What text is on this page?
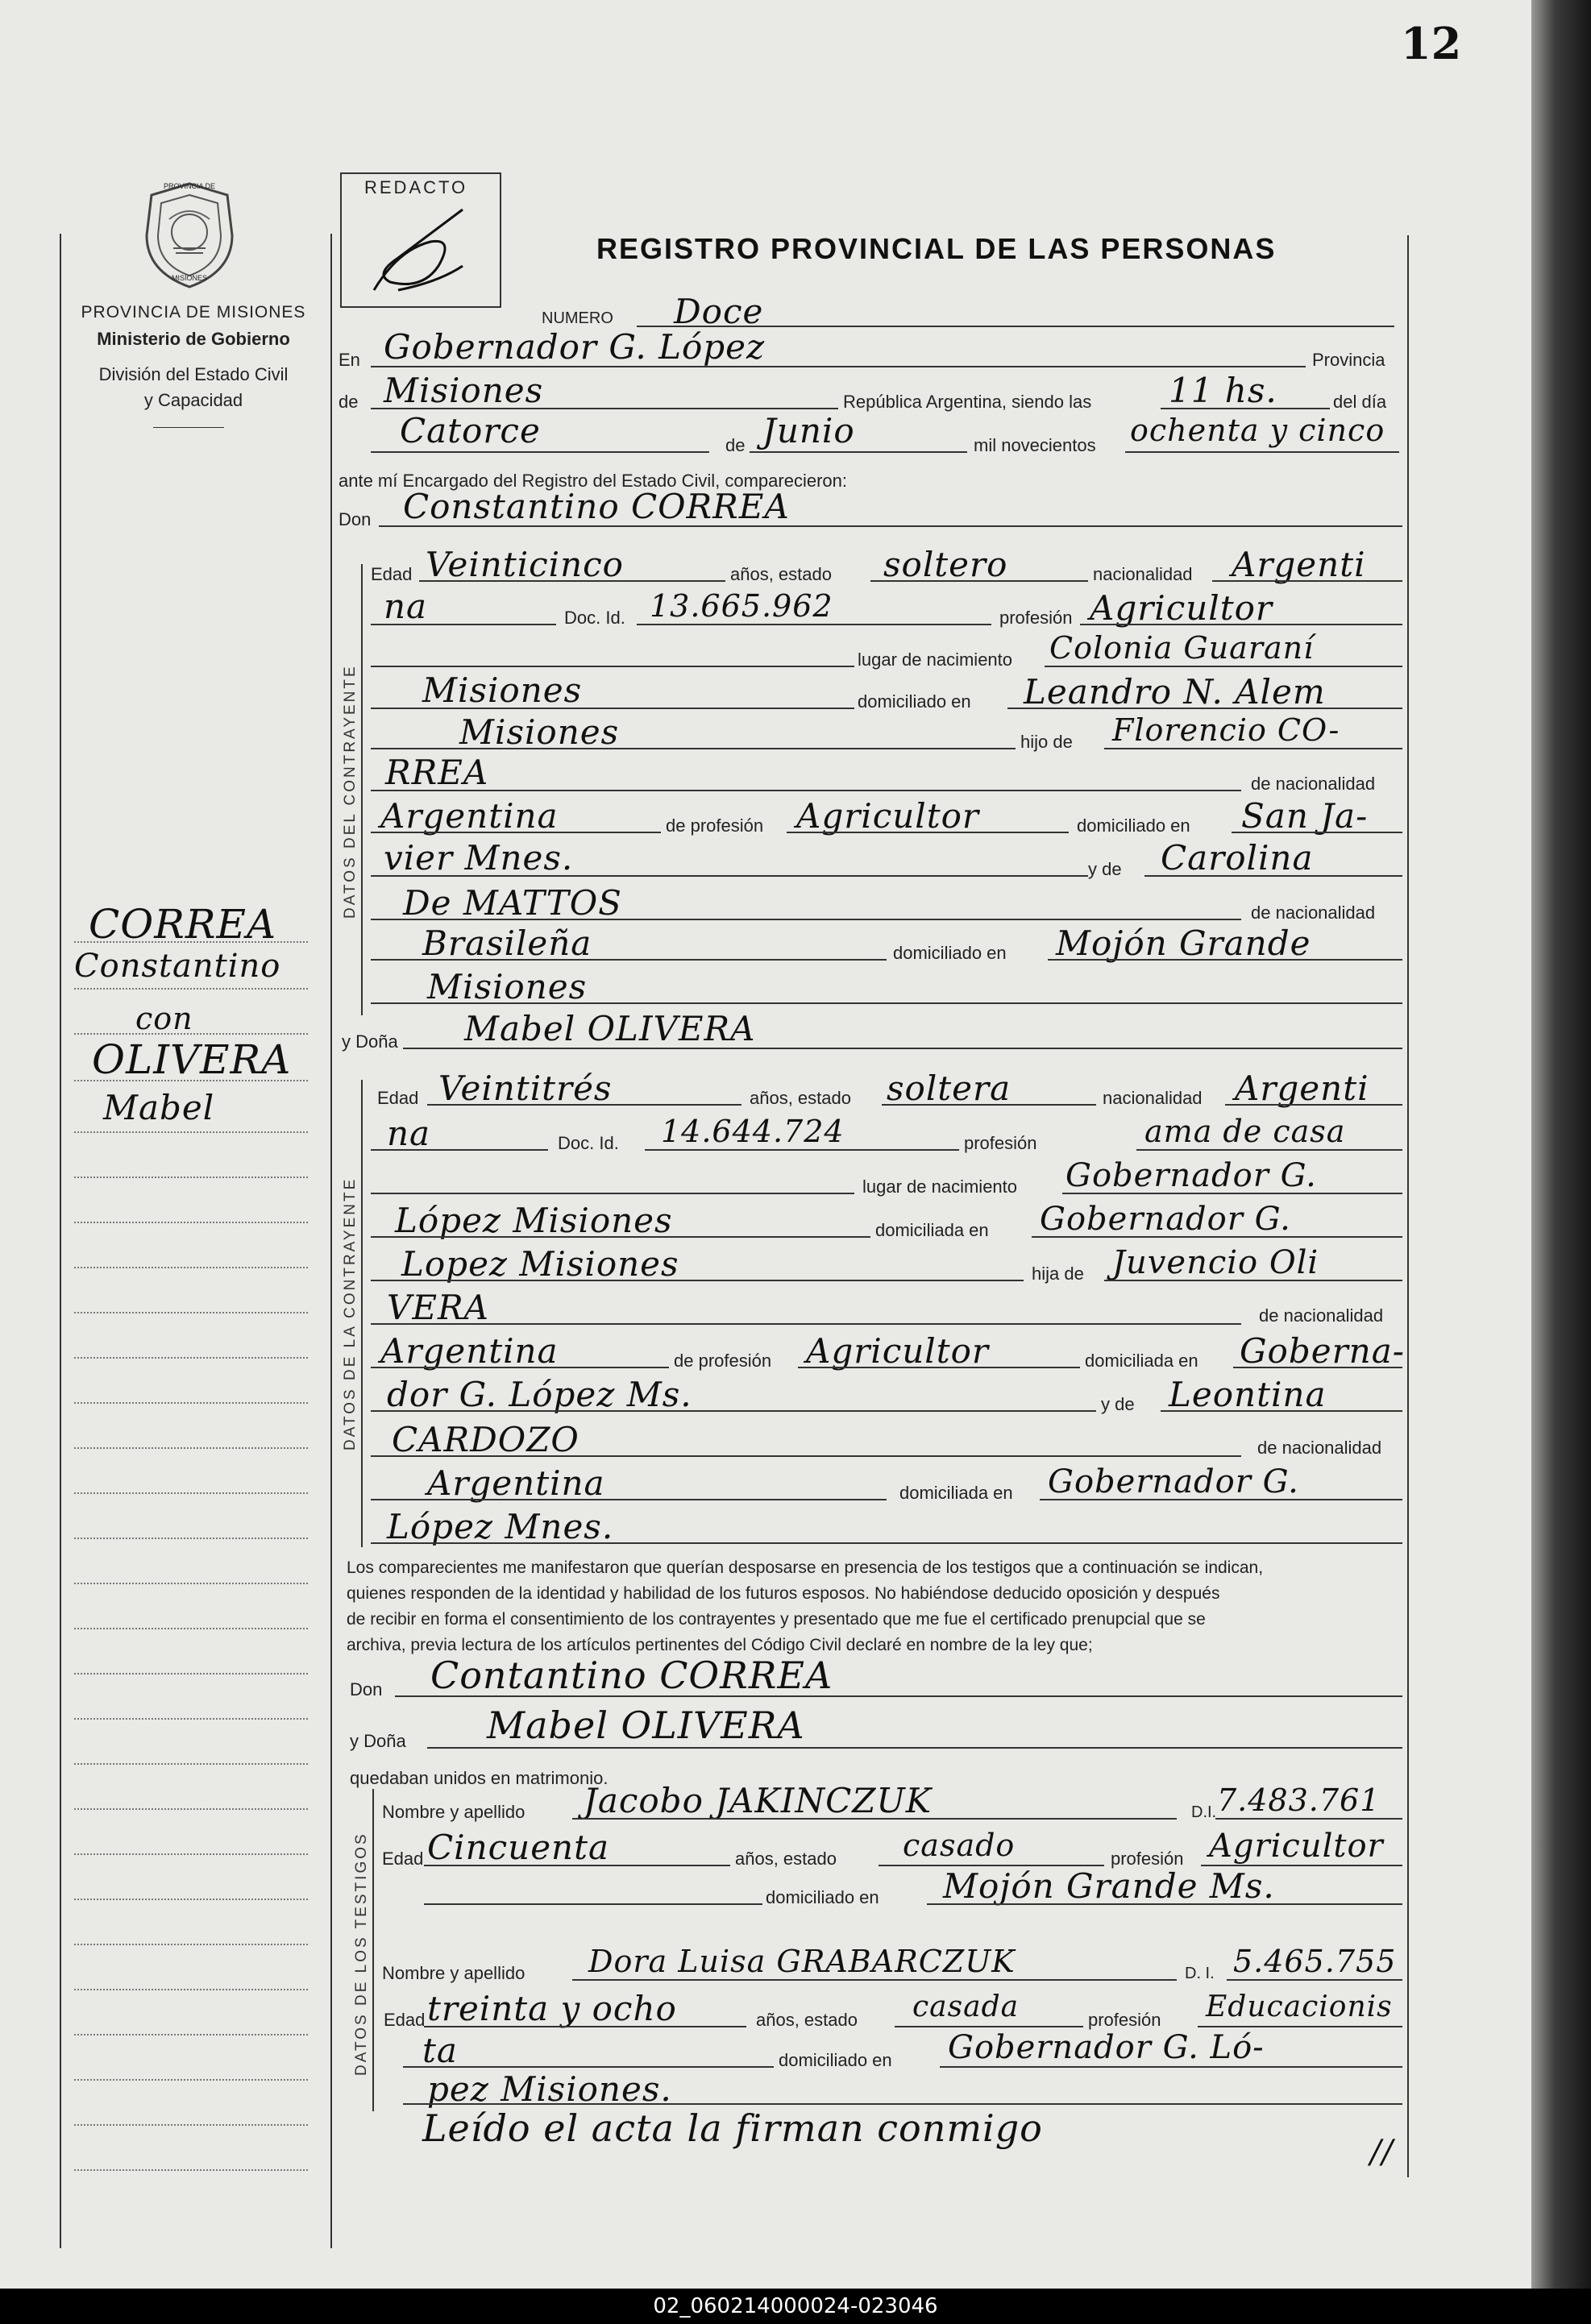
12
PROVINCIA DE
MISIONES
PROVINCIA DE MISIONES
Ministerio de Gobierno
División del Estado Civil
y Capacidad
CORREA
Constantino
con
OLIVERA
Mabel
REDACTO
REGISTRO PROVINCIAL DE LAS PERSONAS
NUMERO Doce
En Gobernador G. López	Provincia
de Misiones	República Argentina, siendo las 11 hs.	del día
Catorce	de Junio	mil novecientos ochenta y cinco
ante mí Encargado del Registro del Estado Civil, comparecieron:
Don Constantino CORREA
DATOS DEL CONTRAYENTE
Edad Veinticinco	años, estado soltero	nacionalidad Argenti
na	Doc. Id. 13.665.962	profesión Agricultor
lugar de nacimiento Colonia Guaraní
Misiones	domiciliado en Leandro N. Alem
Misiones	hijo de Florencio CO-
RREA	de nacionalidad
Argentina	de profesión Agricultor	domiciliado en San Ja-
vier Mnes.	y de Carolina
De MATTOS	de nacionalidad
Brasileña	domiciliado en Mojón Grande
Misiones
y Doña Mabel OLIVERA
DATOS DE LA CONTRAYENTE
Edad Veintitrés	años, estado soltera	nacionalidad Argenti
na	Doc. Id. 14.644.724	profesión	ama de casa
lugar de nacimiento Gobernador G.
López Misiones	domiciliada en Gobernador G.
Lopez Misiones	hija de Juvencio Oli
VERA	de nacionalidad
Argentina	de profesión Agricultor	domiciliada en Goberna-
dor G. López Ms.	y de Leontina
CARDOZO	de nacionalidad
Argentina	domiciliada en Gobernador G.
López Mnes.
Los comparecientes me manifestaron que querían desposarse en presencia de los testigos que a continuación se indican,
quienes responden de la identidad y habilidad de los futuros esposos. No habiéndose deducido oposición y después
de recibir en forma el consentimiento de los contrayentes y presentado que me fue el certificado prenupcial que se
archiva, previa lectura de los artículos pertinentes del Código Civil declaré en nombre de la ley que;
Don Contantino CORREA
y Doña Mabel OLIVERA
quedaban unidos en matrimonio.
DATOS DE LOS TESTIGOS
Nombre y apellido Jacobo JAKINCZUK	D.I. 7.483.761
Edad Cincuenta	años, estado casado	profesión Agricultor
domiciliado en Mojón Grande Ms.
Nombre y apellido Dora Luisa GRABARCZUK	D. I. 5.465.755
Edad treinta y ocho	años, estado casada	profesión Educacionis
ta	domiciliado en Gobernador G. Ló-
pez Misiones.
Leído el acta la firman conmigo
//
02_060214000024-023046
